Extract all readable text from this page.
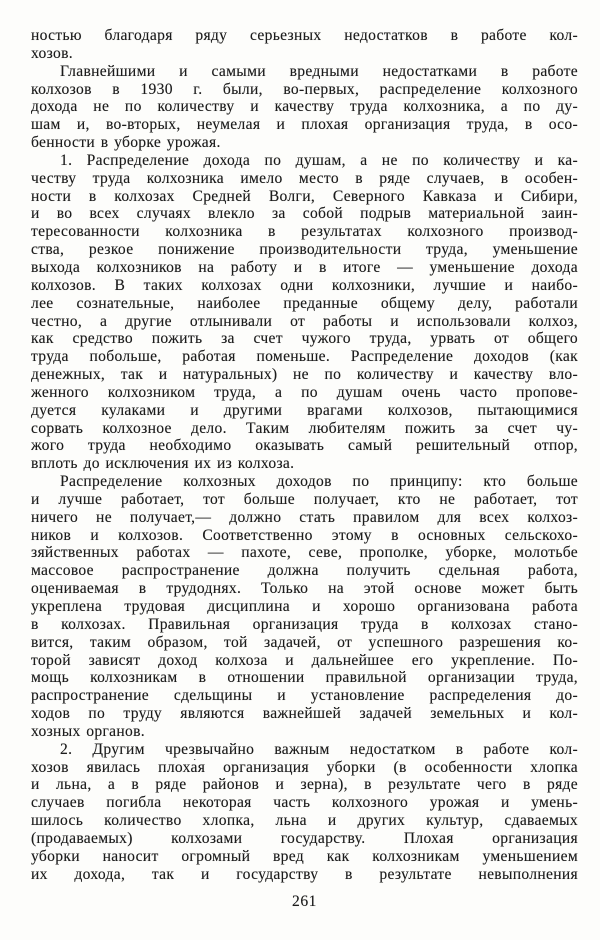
ностью благодаря ряду серьезных недостатков в работе кол-
хозов.

Главнейшими и самыми вредными недостатками в работе
колхозов в 1930 г. были, во-первых, распределение колхозного
дохода не по количеству и качеству труда колхозника, а по ду-
шам и, во-вторых, неумелая и плохая организация труда, в осо-
бенности в уборке урожая.

1. Распределение дохода по душам, а не по количеству и ка-
честву труда колхозника имело место в ряде случаев, в особен-
ности в колхозах Средней Волги, Северного Кавказа и Сибири,
и во всех случаях влекло за собой подрыв материальной заин-
тересованности колхозника в результатах колхозного производ-
ства, резкое понижение производительности труда, уменьшение
выхода колхозников на работу и в итоге — уменьшение дохода
колхозов. В таких колхозах одни колхозники, лучшие и наибо-
лее сознательные, наиболее преданные общему делу, работали
честно, а другие отлынивали от работы и использовали колхоз,
как средство пожить за счет чужого труда, урвать от общего
труда побольше, работая поменьше. Распределение доходов (как
денежных, так и натуральных) не по количеству и качеству вло-
женного колхозником труда, а по душам очень часто пропове-
дуется кулаками и другими врагами колхозов, пытающимися
сорвать колхозное дело. Таким любителям пожить за счет чу-
жого труда необходимо оказывать самый решительный отпор,
вплоть до исключения их из колхоза.

Распределение колхозных доходов по принципу: кто больше
и лучше работает, тот больше получает, кто не работает, тот
ничего не получает,— должно стать правилом для всех колхоз-
ников и колхозов. Соответственно этому в основных сельскохо-
зяйственных работах — пахоте, севе, прополке, уборке, молотьбе
массовое распространение должна получить сдельная работа,
оцениваемая в трудоднях. Только на этой основе может быть
укреплена трудовая дисциплина и хорошо организована работа
в колхозах. Правильная организация труда в колхозах стано-
вится, таким образом, той задачей, от успешного разрешения ко-
торой зависят доход колхоза и дальнейшее его укрепление. По-
мощь колхозникам в отношении правильной организации труда,
распространение сдельщины и установление распределения до-
ходов по труду являются важнейшей задачей земельных и кол-
хозных органов.

2. Другим чрезвычайно важным недостатком в работе кол-
хозов явилась плоха́я организация уборки (в особенности хлопка
и льна, а в ряде районов и зерна), в результате чего в ряде
случаев погибла некоторая часть колхозного урожая и умень-
шилось количество хлопка, льна и других культур, сдаваемых
(продаваемых) колхозами государству. Плохая организация
уборки наносит огромный вред как колхозникам уменьшением
их дохода, так и государству в результате невыполнения

261
